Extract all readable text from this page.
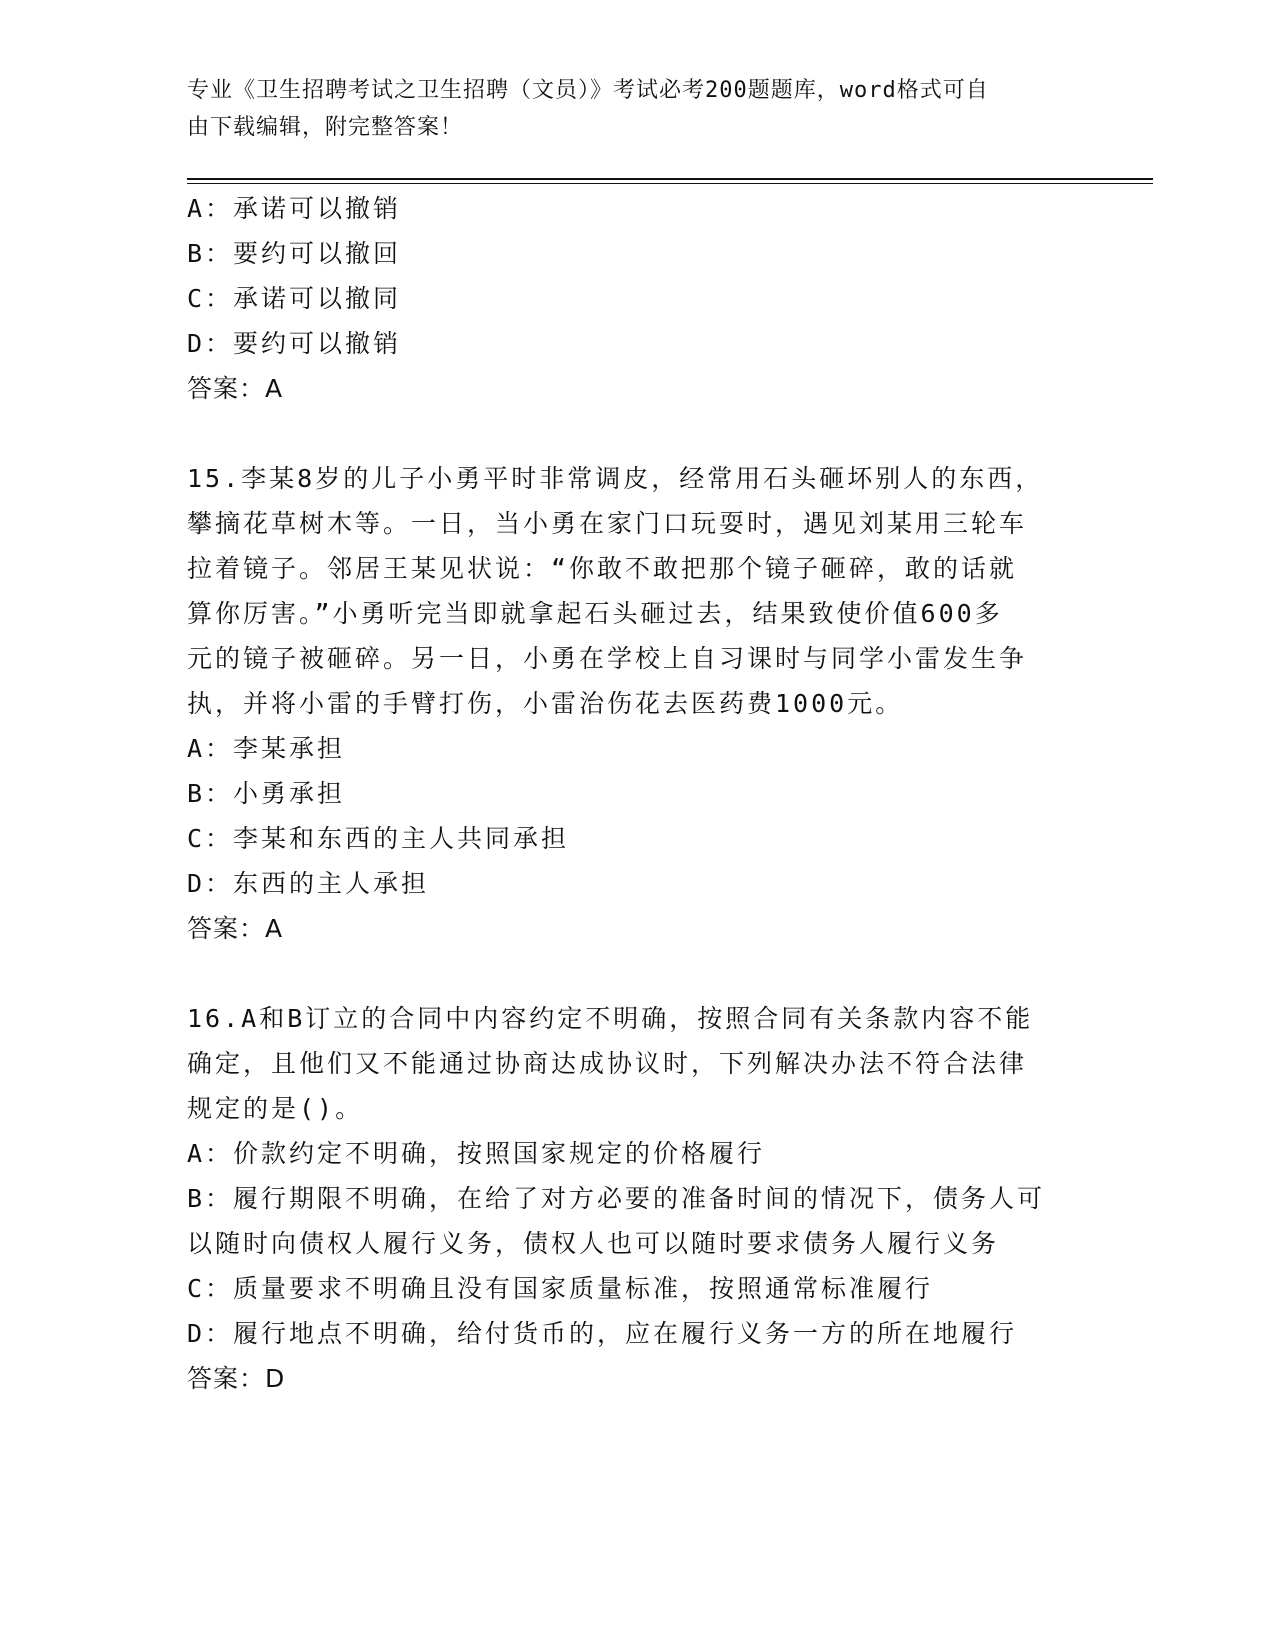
专业《卫生招聘考试之卫生招聘（文员）》考试必考200题题库，word格式可自
由下载编辑，附完整答案！
A：承诺可以撤销
B：要约可以撤回
C：承诺可以撤同
D：要约可以撤销
答案：A
15.李某8岁的儿子小勇平时非常调皮，经常用石头砸坏别人的东西，
攀摘花草树木等。一日，当小勇在家门口玩耍时，遇见刘某用三轮车
拉着镜子。邻居王某见状说：“你敢不敢把那个镜子砸碎，敢的话就
算你厉害。”小勇听完当即就拿起石头砸过去，结果致使价值600多
元的镜子被砸碎。另一日，小勇在学校上自习课时与同学小雷发生争
执，并将小雷的手臂打伤，小雷治伤花去医药费1000元。
A：李某承担
B：小勇承担
C：李某和东西的主人共同承担
D：东西的主人承担
答案：A
16.A和B订立的合同中内容约定不明确，按照合同有关条款内容不能
确定，且他们又不能通过协商达成协议时，下列解决办法不符合法律
规定的是()。
A：价款约定不明确，按照国家规定的价格履行
B：履行期限不明确，在给了对方必要的准备时间的情况下，债务人可
以随时向债权人履行义务，债权人也可以随时要求债务人履行义务
C：质量要求不明确且没有国家质量标准，按照通常标准履行
D：履行地点不明确，给付货币的，应在履行义务一方的所在地履行
答案：D
